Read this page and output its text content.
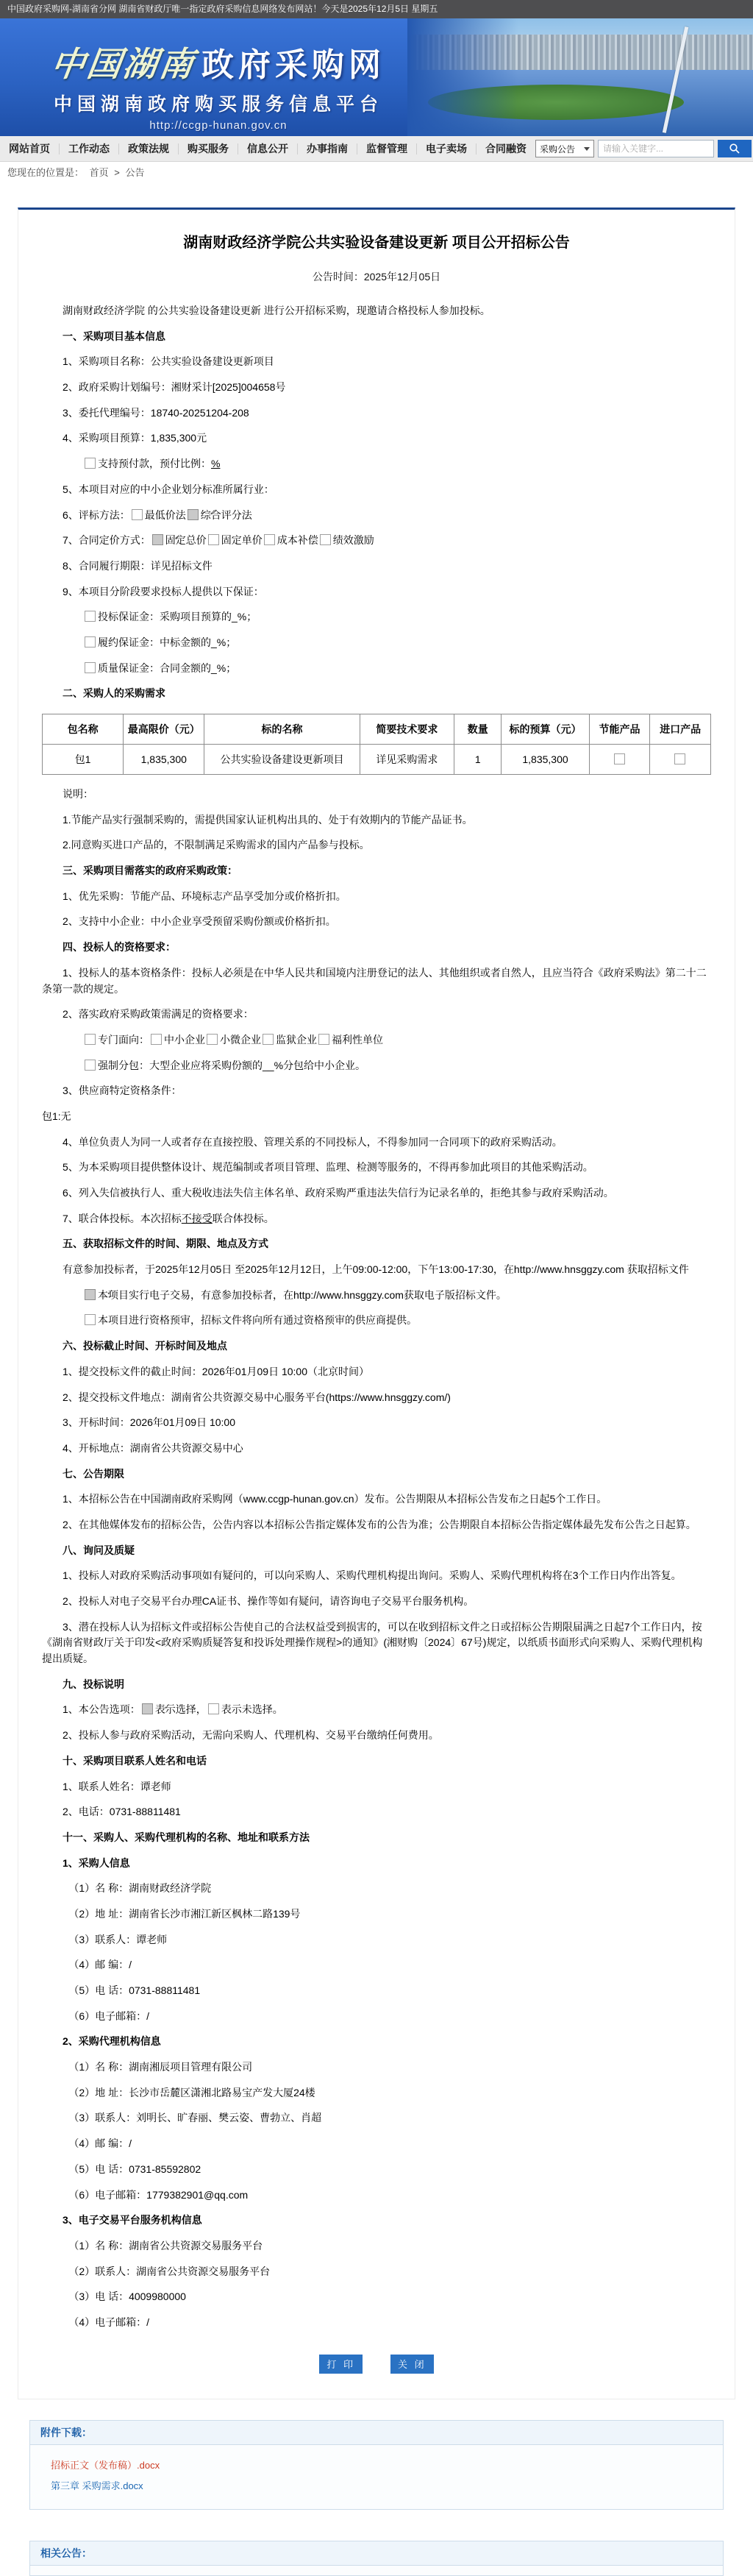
中国政府采购网-湖南省分网 湖南省财政厅唯一指定政府采购信息网络发布网站！今天是2025年12月5日 星期五
中国湖南 政府采购网
中国湖南政府购买服务信息平台
http://ccgp-hunan.gov.cn
网站首页	工作动态	政策法规	购买服务	信息公开	办事指南	监督管理	电子卖场	合同融资	采购公告
请输入关键字...
您现在的位置是： 首页 > 公告
湖南财政经济学院公共实验设备建设更新 项目公开招标公告
公告时间：2025年12月05日

湖南财政经济学院 的公共实验设备建设更新 进行公开招标采购，现邀请合格投标人参加投标。

一、采购项目基本信息

1、采购项目名称：公共实验设备建设更新项目

2、政府采购计划编号：湘财采计[2025]004658号

3、委托代理编号：18740-20251204-208

4、采购项目预算：1,835,300元

支持预付款，预付比例：%

5、本项目对应的中小企业划分标准所属行业：

6、评标方法： 最低价法 ✓ 综合评分法

7、合同定价方式： ✓ 固定总价 固定单价 成本补偿 绩效激励

8、合同履行期限：详见招标文件

9、本项目分阶段要求投标人提供以下保证：

投标保证金：采购项目预算的_%；

履约保证金：中标金额的_%；

质量保证金：合同金额的_%；

二、采购人的采购需求

包名称	最高限价（元）	标的名称	简要技术要求	数量	标的预算（元）	节能产品	进口产品
包1	1,835,300	公共实验设备建设更新项目	详见采购需求	1	1,835,300		

说明：

1.节能产品实行强制采购的，需提供国家认证机构出具的、处于有效期内的节能产品证书。

2.同意购买进口产品的，不限制满足采购需求的国内产品参与投标。

三、采购项目需落实的政府采购政策：

1、优先采购：节能产品、环境标志产品享受加分或价格折扣。

2、支持中小企业：中小企业享受预留采购份额或价格折扣。

四、投标人的资格要求：

1、投标人的基本资格条件：投标人必须是在中华人民共和国境内注册登记的法人、其他组织或者自然人，且应当符合《政府采购法》第二十二条第一款的规定。

2、落实政府采购政策需满足的资格要求：

专门面向： 中小企业 小微企业 监狱企业 福利性单位

强制分包：大型企业应将采购份额的__%分包给中小企业。

3、供应商特定资格条件：

包1:无

4、单位负责人为同一人或者存在直接控股、管理关系的不同投标人，不得参加同一合同项下的政府采购活动。

5、为本采购项目提供整体设计、规范编制或者项目管理、监理、检测等服务的，不得再参加此项目的其他采购活动。

6、列入失信被执行人、重大税收违法失信主体名单、政府采购严重违法失信行为记录名单的，拒绝其参与政府采购活动。

7、联合体投标。本次招标不接受联合体投标。

五、获取招标文件的时间、期限、地点及方式

有意参加投标者，于2025年12月05日 至2025年12月12日，上午09:00-12:00，下午13:00-17:30，在http://www.hnsggzy.com 获取招标文件

✓本项目实行电子交易，有意参加投标者，在http://www.hnsggzy.com获取电子版招标文件。

本项目进行资格预审，招标文件将向所有通过资格预审的供应商提供。

六、投标截止时间、开标时间及地点

1、提交投标文件的截止时间：2026年01月09日 10:00（北京时间）

2、提交投标文件地点：湖南省公共资源交易中心服务平台(https://www.hnsggzy.com/)

3、开标时间：2026年01月09日 10:00

4、开标地点：湖南省公共资源交易中心

七、公告期限

1、本招标公告在中国湖南政府采购网（www.ccgp-hunan.gov.cn）发布。公告期限从本招标公告发布之日起5个工作日。

2、在其他媒体发布的招标公告，公告内容以本招标公告指定媒体发布的公告为准；公告期限自本招标公告指定媒体最先发布公告之日起算。

八、询问及质疑

1、投标人对政府采购活动事项如有疑问的，可以向采购人、采购代理机构提出询问。采购人、采购代理机构将在3个工作日内作出答复。

2、投标人对电子交易平台办理CA证书、操作等如有疑问，请咨询电子交易平台服务机构。

3、潜在投标人认为招标文件或招标公告使自己的合法权益受到损害的，可以在收到招标文件之日或招标公告期限届满之日起7个工作日内，按《湖南省财政厅关于印发<政府采购质疑答复和投诉处理操作规程>的通知》(湘财购〔2024〕67号)规定，以纸质书面形式向采购人、采购代理机构提出质疑。

九、投标说明

1、本公告选项： ✓ 表示选择， 表示未选择。

2、投标人参与政府采购活动，无需向采购人、代理机构、交易平台缴纳任何费用。

十、采购项目联系人姓名和电话

1、联系人姓名：谭老师

2、电话：0731-88811481

十一、采购人、采购代理机构的名称、地址和联系方法

1、采购人信息

（1）名 称：湖南财政经济学院

（2）地 址：湖南省长沙市湘江新区枫林二路139号

（3）联系人：谭老师

（4）邮 编：/

（5）电 话：0731-88811481

（6）电子邮箱：/

2、采购代理机构信息

（1）名 称：湖南湘辰项目管理有限公司

（2）地 址：长沙市岳麓区潇湘北路易宝产发大厦24楼

（3）联系人：刘明长、旷春丽、樊云姿、曹勃立、肖超

（4）邮 编：/

（5）电 话：0731-85592802

（6）电子邮箱：1779382901@qq.com

3、电子交易平台服务机构信息

（1）名 称：湖南省公共资源交易服务平台

（2）联系人：湖南省公共资源交易服务平台

（3）电 话：4009980000

（4）电子邮箱：/

打 印	关 闭
附件下载：
招标正文（发布稿）.docx
第三章 采购需求.docx
相关公告：
